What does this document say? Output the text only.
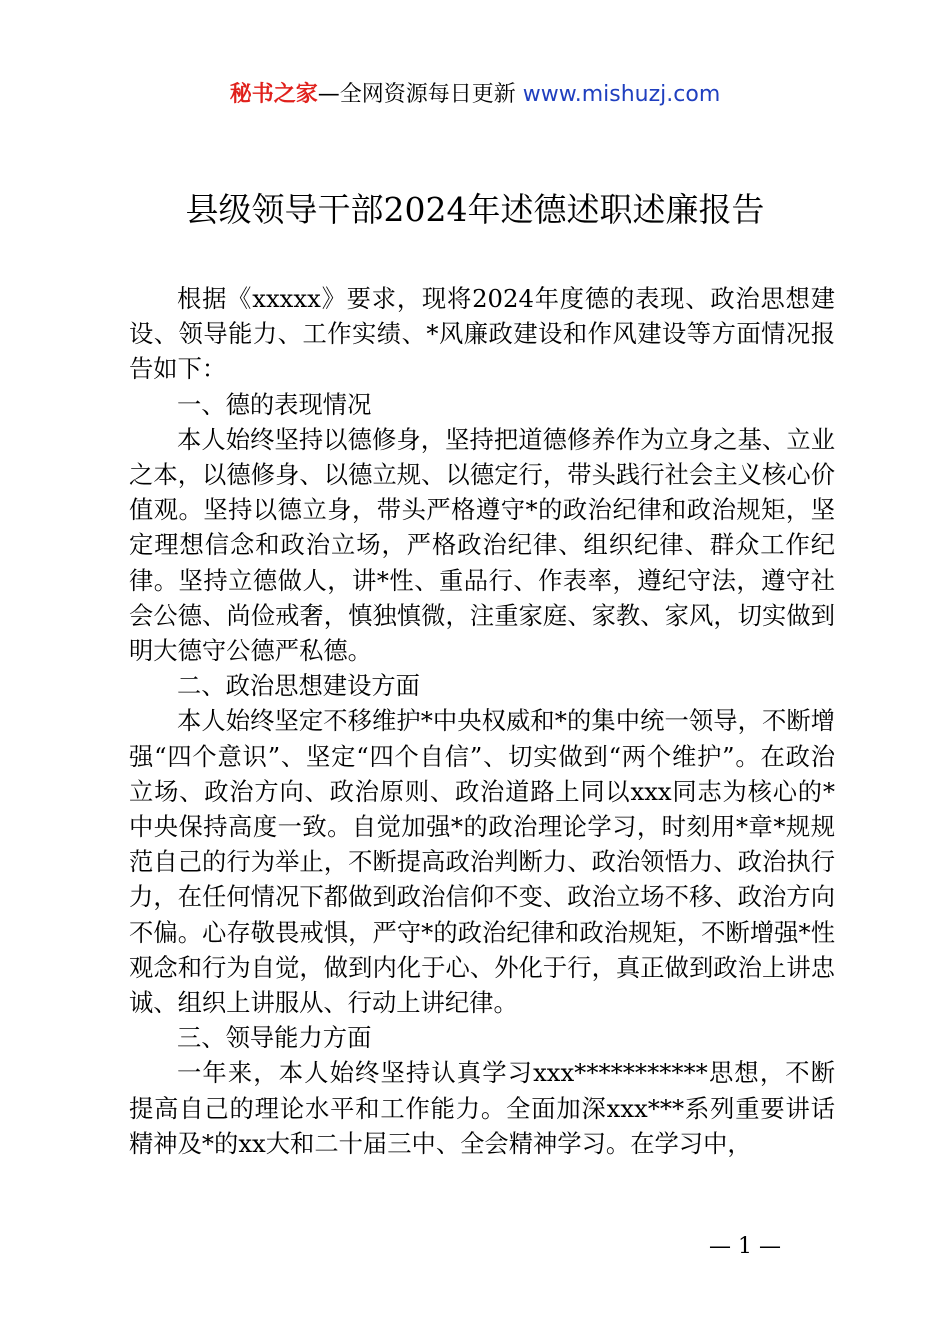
秘书之家—全网资源每日更新 www.mishuzj.com
县级领导干部2024年述德述职述廉报告

根据《xxxxx》要求，现将2024年度德的表现、政治思想建设、领导能力、工作实绩、*风廉政建设和作风建设等方面情况报告如下：

一、德的表现情况

本人始终坚持以德修身，坚持把道德修养作为立身之基、立业之本，以德修身、以德立规、以德定行，带头践行社会主义核心价值观。坚持以德立身，带头严格遵守*的政治纪律和政治规矩，坚定理想信念和政治立场，严格政治纪律、组织纪律、群众工作纪律。坚持立德做人，讲*性、重品行、作表率，遵纪守法，遵守社会公德、尚俭戒奢，慎独慎微，注重家庭、家教、家风，切实做到明大德守公德严私德。

二、政治思想建设方面

本人始终坚定不移维护*中央权威和*的集中统一领导，不断增强“四个意识”、坚定“四个自信”、切实做到“两个维护”。在政治立场、政治方向、政治原则、政治道路上同以xxx同志为核心的*中央保持高度一致。自觉加强*的政治理论学习，时刻用*章*规规范自己的行为举止，不断提高政治判断力、政治领悟力、政治执行力，在任何情况下都做到政治信仰不变、政治立场不移、政治方向不偏。心存敬畏戒惧，严守*的政治纪律和政治规矩，不断增强*性观念和行为自觉，做到内化于心、外化于行，真正做到政治上讲忠诚、组织上讲服从、行动上讲纪律。

三、领导能力方面

一年来，本人始终坚持认真学习xxx***********思想，不断提高自己的理论水平和工作能力。全面加深xxx***系列重要讲话精神及*的xx大和二十届三中、全会精神学习。在学习中，

— 1 —
